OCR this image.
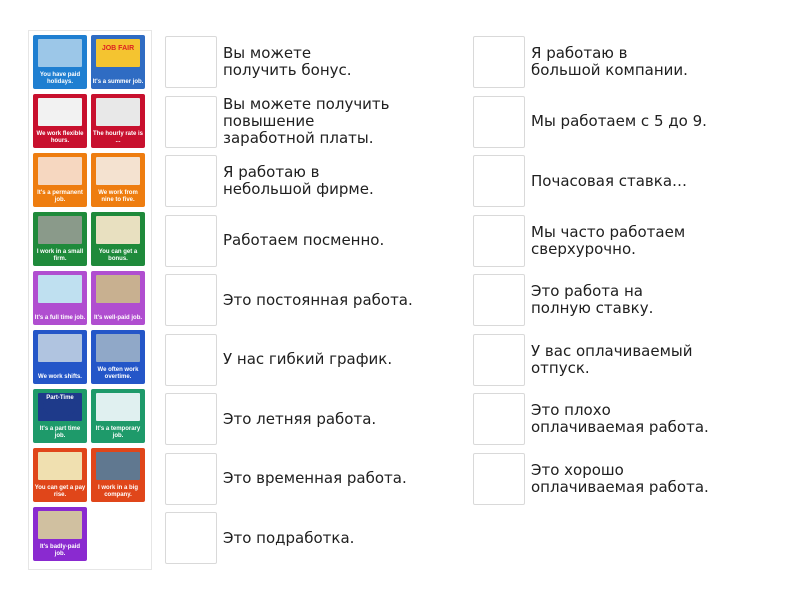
You have paid holidays.
JOB FAIR
It's a summer job.
We work flexible hours.
The hourly rate is ...
It's a permanent job.
We work from nine to five.
I work in a small firm.
You can get a bonus.
It's a full time job.	It's well-paid job.
We work shifts.
We often work overtime.
Part-Time
It's a part time job.
It's a temporary job.
You can get a pay rise.
I work in a big company.
It's badly-paid job.
Вы можете
получить бонус.
Вы можете получить
повышение
заработной платы.
Я работаю в
небольшой фирме.
Работаем посменно.
Это постоянная работа.
У нас гибкий график.
Это летняя работа.
Это временная работа.
Это подработка.
Я работаю в
большой компании.
Мы работаем с 5 до 9.
Почасовая ставка…
Мы часто работаем
сверхурочно.
Это работа на
полную ставку.
У вас оплачиваемый
отпуск.
Это плохо
оплачиваемая работа.
Это хорошо
оплачиваемая работа.
